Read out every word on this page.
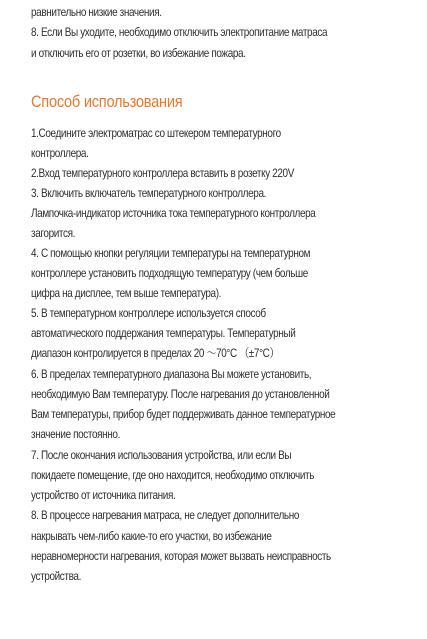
равнительно низкие значения.
8. Если Вы уходите, необходимо отключить электропитание матраса
и отключить его от розетки, во избежание пожара.
Способ использования
1.Соедините электроматрас со штекером температурного
контроллера.
2.Вход температурного контроллера вставить в розетку 220V
3. Включить включатель температурного контроллера.
Лампочка-индикатор источника тока температурного контроллера
загорится.
4. С помощью кнопки регуляции температуры на температурном
контроллере установить подходящую температуру (чем больше
цифра на дисплее, тем выше температура).
5. В температурном контроллере используется способ
автоматического поддержания температуры. Температурный
диапазон контролируется в пределах 20 ～70°C （±7°C）
6. В пределах температурного диапазона Вы можете установить,
необходимую Вам температуру. После нагревания до установленной
Вам температуры, прибор будет поддерживать данное температурное
значение постоянно.
7. После окончания использования устройства, или если Вы
покидаете помещение, где оно находится, необходимо отключить
устройство от источника питания.
8. В процессе нагревания матраса, не следует дополнительно
накрывать чем-либо какие-то его участки, во избежание
неравномерности нагревания, которая может вызвать неисправность
устройства.
